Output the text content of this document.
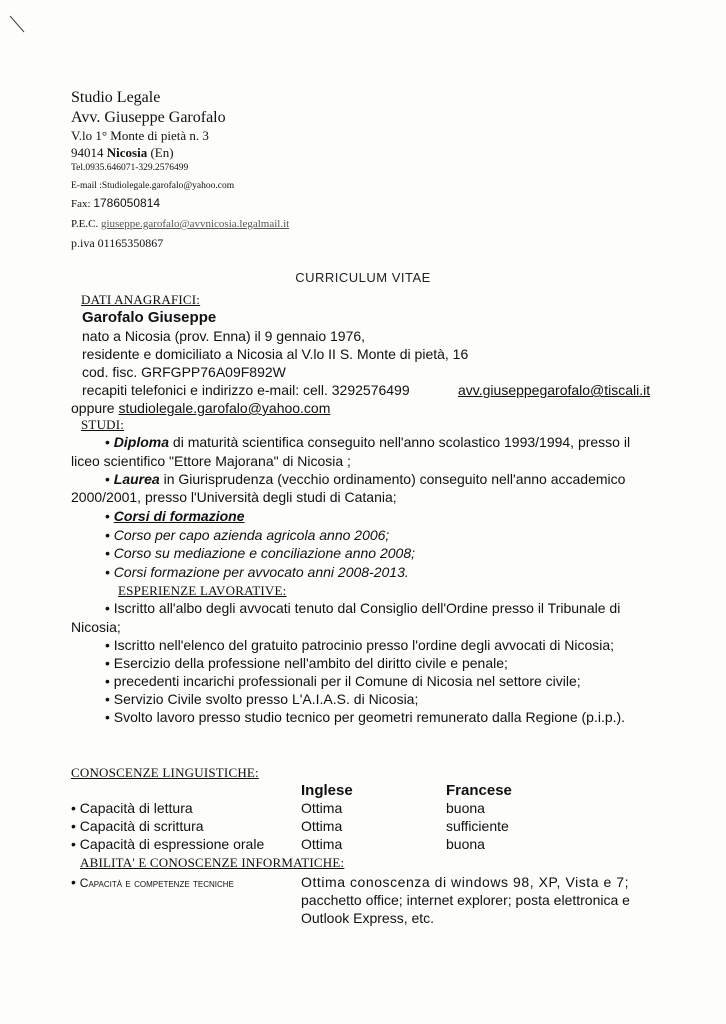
Studio Legale
Avv. Giuseppe Garofalo
V.lo 1° Monte di pietà n. 3
94014 Nicosia (En)
Tel.0935.646071-329.2576499
E-mail :Studiolegale.garofalo@yahoo.com
Fax: 1786050814
P.E.C. giuseppe.garofalo@avvnicosia.legalmail.it
p.iva 01165350867
CURRICULUM VITAE
DATI ANAGRAFICI:
Garofalo Giuseppe
nato a Nicosia (prov. Enna) il 9 gennaio 1976,
residente e domiciliato a Nicosia al V.lo II S. Monte di pietà, 16
cod. fisc. GRFGPP76A09F892W
recapiti telefonici e indirizzo e-mail: cell. 3292576499	avv.giuseppegarofalo@tiscali.it
oppure studiolegale.garofalo@yahoo.com
STUDI:
• Diploma di maturità scientifica conseguito nell'anno scolastico 1993/1994, presso il
liceo scientifico "Ettore Majorana" di Nicosia ;
• Laurea in Giurisprudenza (vecchio ordinamento) conseguito nell'anno accademico
2000/2001, presso l'Università degli studi di Catania;
• Corsi di formazione
• Corso per capo azienda agricola anno 2006;
• Corso su mediazione e conciliazione anno 2008;
• Corsi formazione per avvocato anni 2008-2013.
ESPERIENZE LAVORATIVE:
• Iscritto all'albo degli avvocati tenuto dal Consiglio dell'Ordine presso il Tribunale di
Nicosia;
• Iscritto nell'elenco del gratuito patrocinio presso l'ordine degli avvocati di Nicosia;
• Esercizio della professione nell'ambito del diritto civile e penale;
• precedenti incarichi professionali per il Comune di Nicosia nel settore civile;
• Servizio Civile svolto presso L'A.I.A.S. di Nicosia;
• Svolto lavoro presso studio tecnico per geometri remunerato dalla Regione (p.i.p.).
CONOSCENZE LINGUISTICHE:
Inglese	Francese
• Capacità di lettura	Ottima	buona
• Capacità di scrittura	Ottima	sufficiente
• Capacità di espressione orale	Ottima	buona
ABILITA' E CONOSCENZE INFORMATICHE:
• Capacità e competenze tecniche	Ottima conoscenza di windows 98, XP, Vista e 7;
pacchetto office; internet explorer; posta elettronica e
Outlook Express, etc.
